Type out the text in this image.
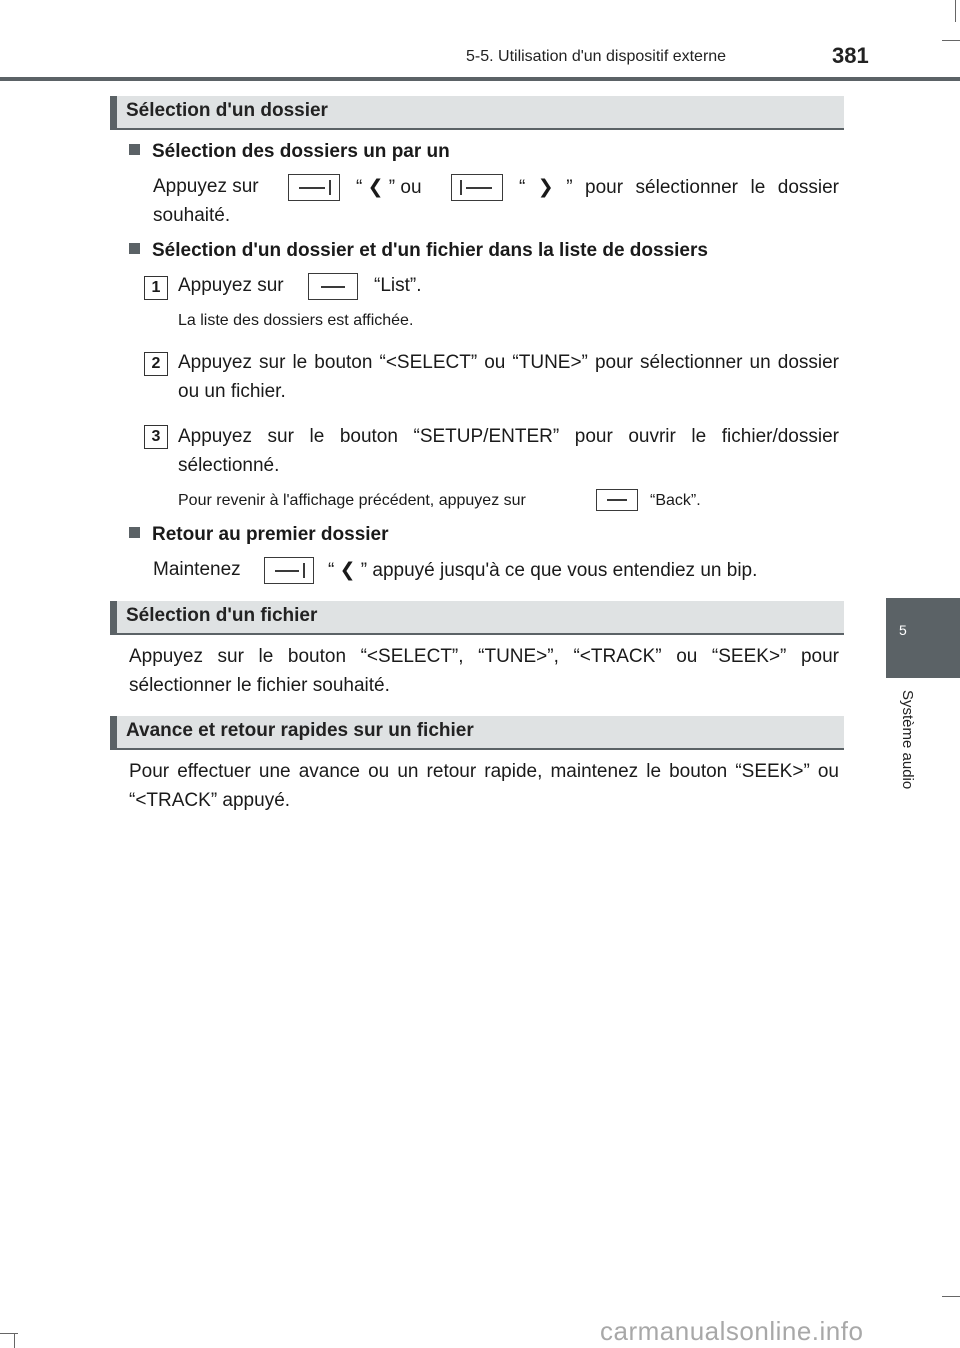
5-5. Utilisation d'un dispositif externe	381
5
Système audio
Sélection d'un dossier
Sélection des dossiers un par un
Appuyez sur	“ ❮ ” ou	“ ❯ ” pour sélectionner le dossier
souhaité.
Sélection d'un dossier et d'un fichier dans la liste de dossiers
1 Appuyez sur	“List”.
La liste des dossiers est affichée.
2 Appuyez sur le bouton “<SELECT” ou “TUNE>” pour sélectionner un dossier ou un fichier.
3 Appuyez sur le bouton “SETUP/ENTER” pour ouvrir le fichier/dossier sélectionné.
Pour revenir à l'affichage précédent, appuyez sur	“Back”.
Retour au premier dossier
Maintenez	“ ❮ ” appuyé jusqu'à ce que vous entendiez un bip.
Sélection d'un fichier
Appuyez sur le bouton “<SELECT”, “TUNE>”, “<TRACK” ou “SEEK>” pour sélectionner le fichier souhaité.
Avance et retour rapides sur un fichier
Pour effectuer une avance ou un retour rapide, maintenez le bouton “SEEK>” ou “<TRACK” appuyé.
carmanualsonline.info
